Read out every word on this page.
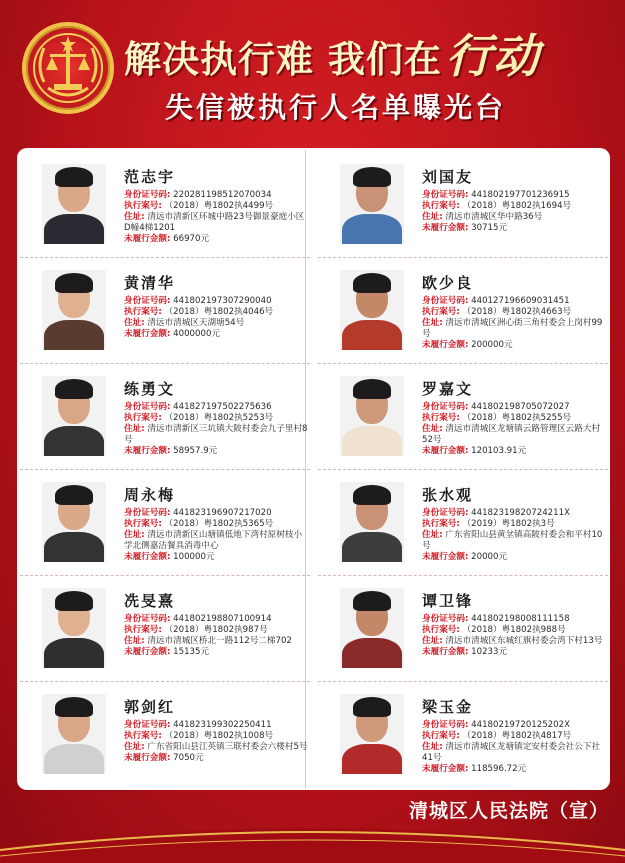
解决执行难 我们在行动
失信被执行人名单曝光台
范志宇
身份证号码: 220281198512070034
执行案号: （2018）粤1802执4499号
住址: 清远市清新区环城中路23号御景豪庭小区D幢4梯1201
未履行金额: 66970元
刘国友
身份证号码: 441802197701236915
执行案号: （2018）粤1802执1694号
住址: 清远市清城区华中路36号
未履行金额: 30715元
黄清华
身份证号码: 441802197307290040
执行案号: （2018）粤1802执4046号
住址: 清远市清城区天湖塘54号
未履行金额: 4000000元
欧少良
身份证号码: 440127196609031451
执行案号: （2018）粤1802执4663号
住址: 清远市清城区洲心街三角村委会上岗村99号
未履行金额: 200000元
练勇文
身份证号码: 441827197502275636
执行案号: （2018）粤1802执5253号
住址: 清远市清新区三坑镇大陂村委会九子里村8号
未履行金额: 58957.9元
罗嘉文
身份证号码: 441802198705072027
执行案号: （2018）粤1802执5255号
住址: 清远市清城区龙塘镇云路管理区云路大村52号
未履行金额: 120103.91元
周永梅
身份证号码: 441823196907217020
执行案号: （2018）粤1802执5365号
住址: 清远市清新区山塘镇低地下湾村原树枝小学北侧嘉洁餐具消毒中心
未履行金额: 100000元
张水观
身份证号码: 44182319820724211X
执行案号: （2019）粤1802执3号
住址: 广东省阳山县黄坌镇高陂村委会和平村10号
未履行金额: 20000元
冼旻熹
身份证号码: 441802198807100914
执行案号: （2018）粤1802执987号
住址: 清远市清城区桥北一路112号二梯702
未履行金额: 15135元
谭卫锋
身份证号码: 441802198008111158
执行案号: （2018）粤1802执988号
住址: 清远市清城区东城红旗村委会湾下村13号
未履行金额: 10233元
郭剑红
身份证号码: 441823199302250411
执行案号: （2018）粤1802执1008号
住址: 广东省阳山县江英镇三联村委会六楼村5号
未履行金额: 7050元
梁玉金
身份证号码: 44180219720125202X
执行案号: （2018）粤1802执4817号
住址: 清远市清城区龙塘镇定安村委会社公下社41号
未履行金额: 118596.72元
清城区人民法院（宣）
